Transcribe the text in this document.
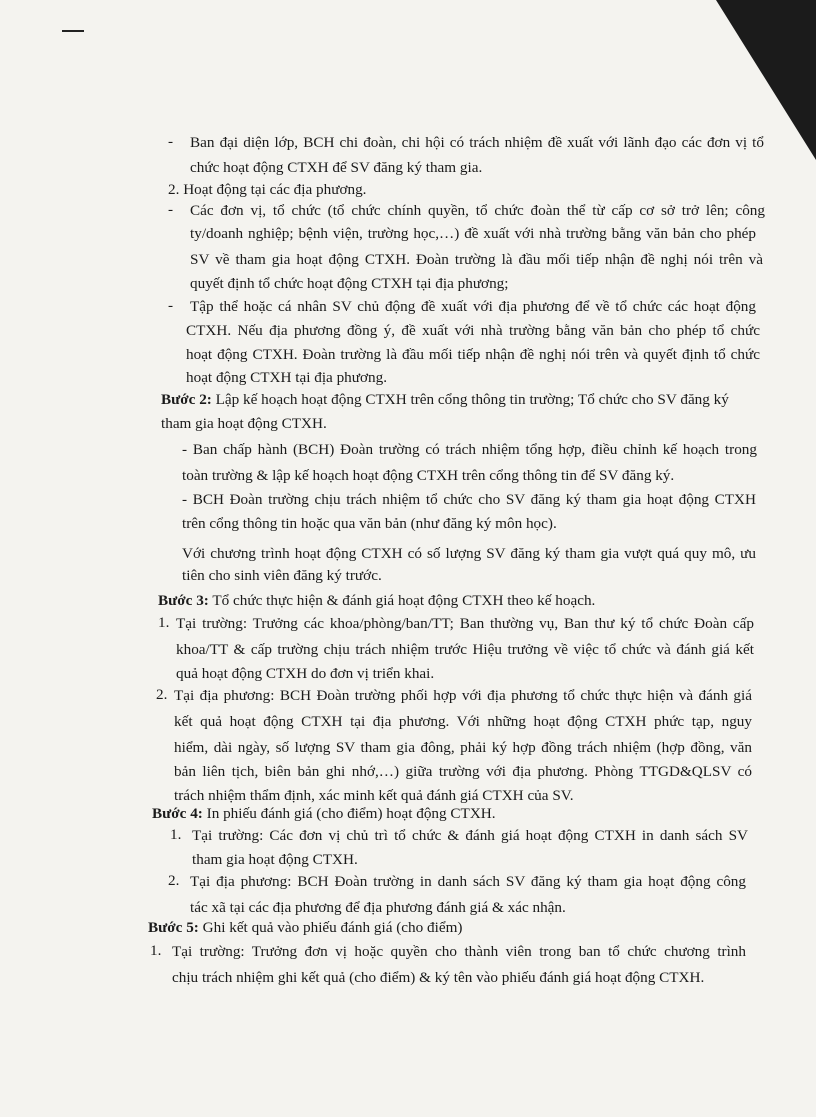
- Ban đại diện lớp, BCH chi đoàn, chi hội có trách nhiệm đề xuất với lãnh đạo các đơn vị tổ
chức hoạt động CTXH để SV đăng ký tham gia.
2. Hoạt động tại các địa phương.
- Các đơn vị, tổ chức (tổ chức chính quyền, tổ chức đoàn thể từ cấp cơ sở trở lên; công
ty/doanh nghiệp; bệnh viện, trường học,…) đề xuất với nhà trường bằng văn bản cho phép
SV về tham gia hoạt động CTXH. Đoàn trường là đầu mối tiếp nhận đề nghị nói trên và
quyết định tổ chức hoạt động CTXH tại địa phương;
- Tập thể hoặc cá nhân SV chủ động đề xuất với địa phương để về tổ chức các hoạt động
CTXH. Nếu địa phương đồng ý, đề xuất với nhà trường bằng văn bản cho phép tổ chức
hoạt động CTXH. Đoàn trường là đầu mối tiếp nhận đề nghị nói trên và quyết định tổ chức
hoạt động CTXH tại địa phương.
Bước 2: Lập kế hoạch hoạt động CTXH trên cổng thông tin trường; Tổ chức cho SV đăng ký
tham gia hoạt động CTXH.
- Ban chấp hành (BCH) Đoàn trường có trách nhiệm tổng hợp, điều chỉnh kế hoạch trong
toàn trường & lập kế hoạch hoạt động CTXH trên cổng thông tin để SV đăng ký.
- BCH Đoàn trường chịu trách nhiệm tổ chức cho SV đăng ký tham gia hoạt động CTXH
trên cổng thông tin hoặc qua văn bản (như đăng ký môn học).
Với chương trình hoạt động CTXH có số lượng SV đăng ký tham gia vượt quá quy mô, ưu
tiên cho sinh viên đăng ký trước.
Bước 3: Tổ chức thực hiện & đánh giá hoạt động CTXH theo kế hoạch.
1. Tại trường: Trưởng các khoa/phòng/ban/TT; Ban thường vụ, Ban thư ký tổ chức Đoàn cấp
khoa/TT & cấp trường chịu trách nhiệm trước Hiệu trưởng về việc tổ chức và đánh giá kết
quả hoạt động CTXH do đơn vị triển khai.
2. Tại địa phương: BCH Đoàn trường phối hợp với địa phương tổ chức thực hiện và đánh giá
kết quả hoạt động CTXH tại địa phương. Với những hoạt động CTXH phức tạp, nguy
hiểm, dài ngày, số lượng SV tham gia đông, phải ký hợp đồng trách nhiệm (hợp đồng, văn
bản liên tịch, biên bản ghi nhớ,…) giữa trường với địa phương. Phòng TTGD&QLSV có
trách nhiệm thẩm định, xác minh kết quả đánh giá CTXH của SV.
Bước 4: In phiếu đánh giá (cho điểm) hoạt động CTXH.
1. Tại trường: Các đơn vị chủ trì tổ chức & đánh giá hoạt động CTXH in danh sách SV
tham gia hoạt động CTXH.
2. Tại địa phương: BCH Đoàn trường in danh sách SV đăng ký tham gia hoạt động công
tác xã tại các địa phương để địa phương đánh giá & xác nhận.
Bước 5: Ghi kết quả vào phiếu đánh giá (cho điểm)
1. Tại trường: Trưởng đơn vị hoặc quyền cho thành viên trong ban tổ chức chương trình
chịu trách nhiệm ghi kết quả (cho điểm) & ký tên vào phiếu đánh giá hoạt động CTXH.
